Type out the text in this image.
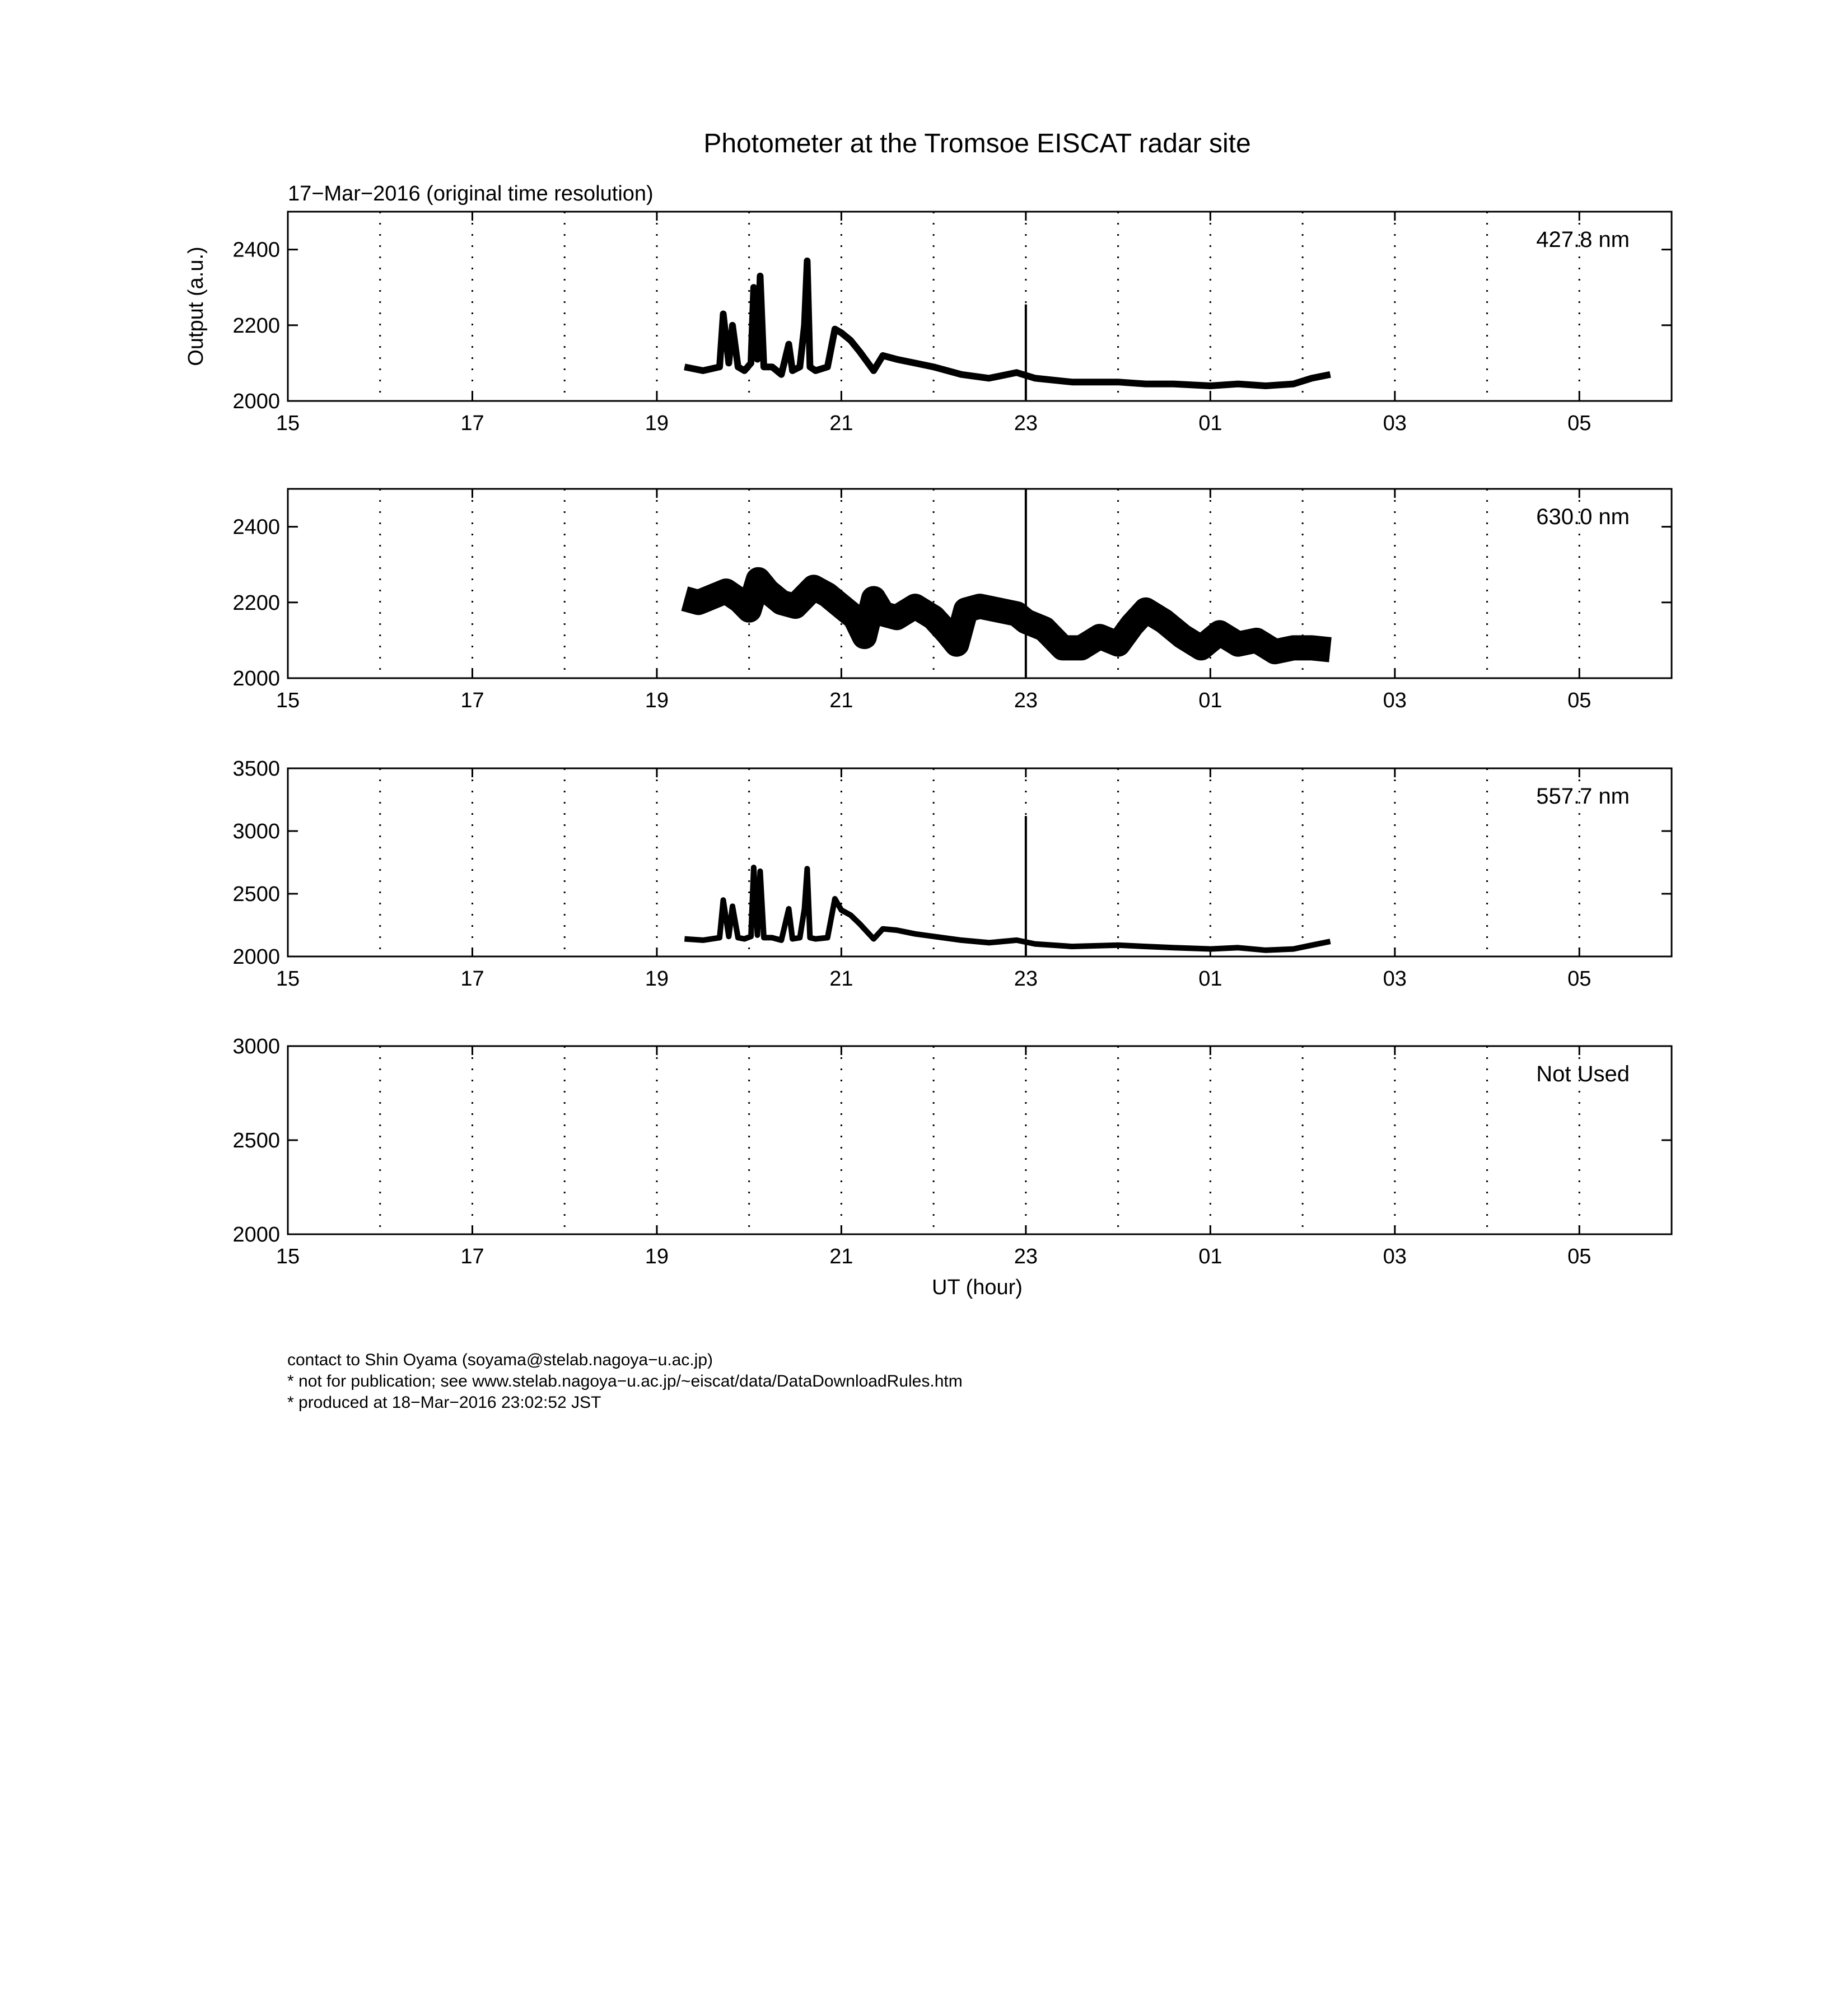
Photometer at the Tromsoe EISCAT radar site
17−Mar−2016 (original time resolution)
Output (a.u.)
UT (hour)
15	17	19	21	23	01	03	05
2000
2200
2400	427.8 nm
15	17	19	21	23	01	03	05
2000
2200
2400	630.0 nm
15	17	19	21	23	01	03	05
2000
2500
3000
3500
557.7 nm
15	17	19	21	23	01	03	05
2000
2500
3000
Not Used
contact to Shin Oyama (soyama@stelab.nagoya−u.ac.jp)
* not for publication; see www.stelab.nagoya−u.ac.jp/~eiscat/data/DataDownloadRules.htm
* produced at 18−Mar−2016 23:02:52 JST
